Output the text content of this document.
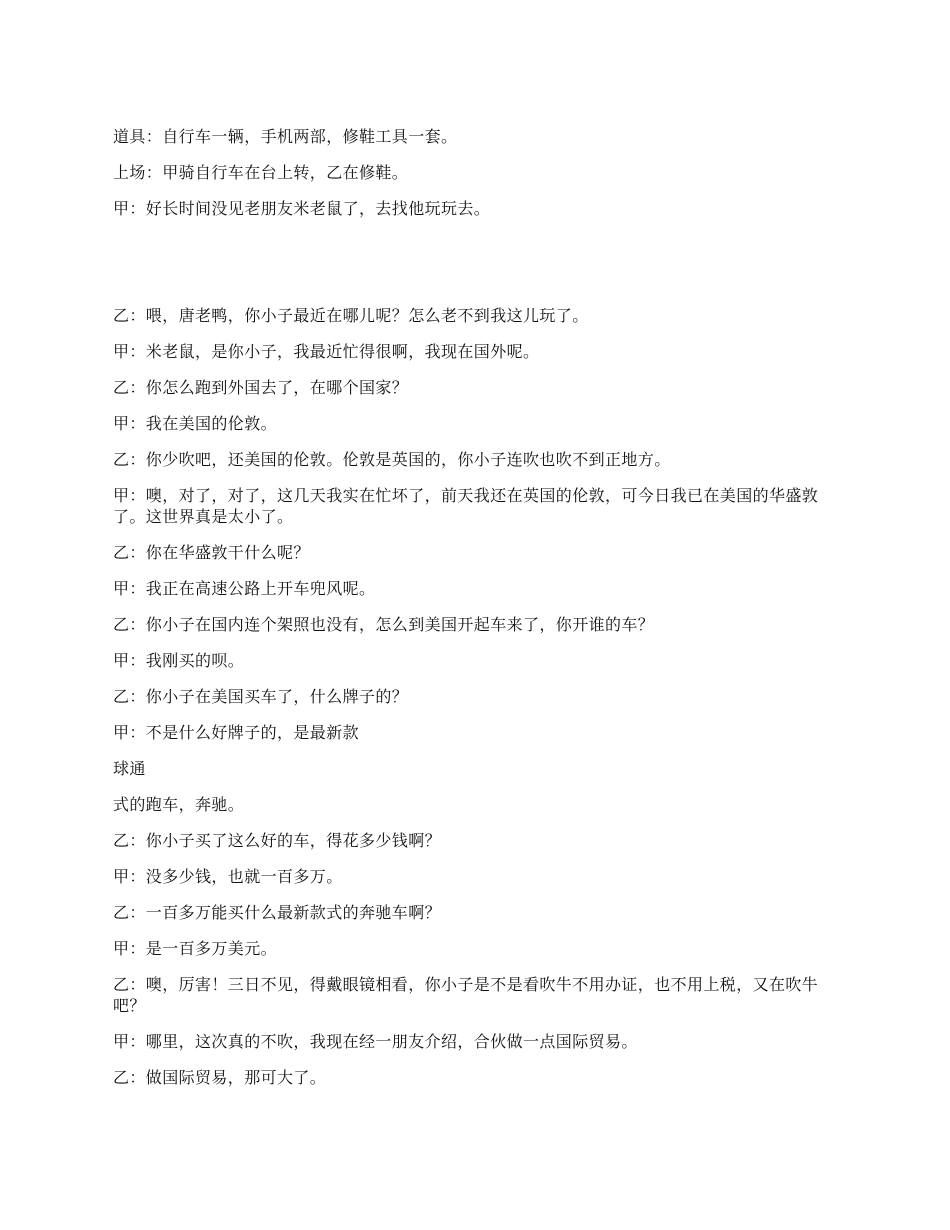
道具：自行车一辆，手机两部，修鞋工具一套。

上场：甲骑自行车在台上转，乙在修鞋。

甲：好长时间没见老朋友米老鼠了，去找他玩玩去。

乙：喂，唐老鸭，你小子最近在哪儿呢？怎么老不到我这儿玩了。

甲：米老鼠，是你小子，我最近忙得很啊，我现在国外呢。

乙：你怎么跑到外国去了，在哪个国家？

甲：我在美国的伦敦。

乙：你少吹吧，还美国的伦敦。伦敦是英国的，你小子连吹也吹不到正地方。

甲：噢，对了，对了，这几天我实在忙坏了，前天我还在英国的伦敦，可今日我已在美国的华盛敦了。这世界真是太小了。

乙：你在华盛敦干什么呢？

甲：我正在高速公路上开车兜风呢。

乙：你小子在国内连个架照也没有，怎么到美国开起车来了，你开谁的车？

甲：我刚买的呗。

乙：你小子在美国买车了，什么牌子的？

甲：不是什么好牌子的，是最新款

球通

式的跑车，奔驰。

乙：你小子买了这么好的车，得花多少钱啊？

甲：没多少钱，也就一百多万。

乙：一百多万能买什么最新款式的奔驰车啊？

甲：是一百多万美元。

乙：噢，厉害！三日不见，得戴眼镜相看，你小子是不是看吹牛不用办证，也不用上税，又在吹牛吧？

甲：哪里，这次真的不吹，我现在经一朋友介绍，合伙做一点国际贸易。

乙：做国际贸易，那可大了。
